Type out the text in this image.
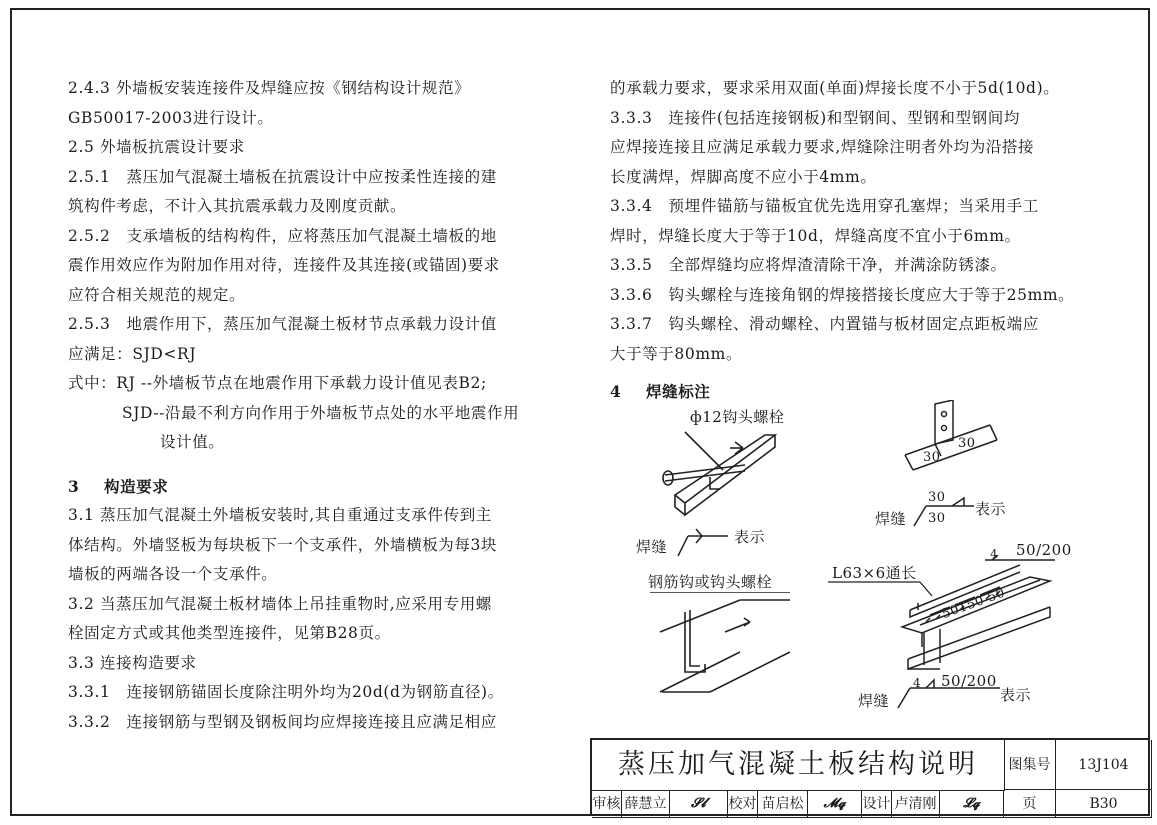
2.4.3 外墙板安装连接件及焊缝应按《钢结构设计规范》
GB50017-2003进行设计。
2.5 外墙板抗震设计要求
2.5.1　蒸压加气混凝土墙板在抗震设计中应按柔性连接的建
筑构件考虑，不计入其抗震承载力及刚度贡献。
2.5.2　支承墙板的结构构件，应将蒸压加气混凝土墙板的地
震作用效应作为附加作用对待，连接件及其连接(或锚固)要求
应符合相关规范的规定。
2.5.3　地震作用下，蒸压加气混凝土板材节点承载力设计值
应满足：SJD<RJ
式中：RJ --外墙板节点在地震作用下承载力设计值见表B2;
SJD--沿最不利方向作用于外墙板节点处的水平地震作用
设计值。
3 构造要求
3.1 蒸压加气混凝土外墙板安装时,其自重通过支承件传到主
体结构。外墙竖板为每块板下一个支承件，外墙横板为每3块
墙板的两端各设一个支承件。
3.2 当蒸压加气混凝土板材墙体上吊挂重物时,应采用专用螺
栓固定方式或其他类型连接件，见第B28页。
3.3 连接构造要求
3.3.1　连接钢筋锚固长度除注明外均为20d(d为钢筋直径)。
3.3.2　连接钢筋与型钢及钢板间均应焊接连接且应满足相应
的承载力要求，要求采用双面(单面)焊接长度不小于5d(10d)。
3.3.3　连接件(包括连接钢板)和型钢间、型钢和型钢间均
应焊接连接且应满足承载力要求,焊缝除注明者外均为沿搭接
长度满焊，焊脚高度不应小于4mm。
3.3.4　预埋件锚筋与锚板宜优先选用穿孔塞焊；当采用手工
焊时，焊缝长度大于等于10d，焊缝高度不宜小于6mm。
3.3.5　全部焊缝均应将焊渣清除干净，并满涂防锈漆。
3.3.6　钩头螺栓与连接角钢的焊接搭接长度应大于等于25mm。
3.3.7　钩头螺栓、滑动螺栓、内置锚与板材固定点距板端应
大于等于80mm。
4 焊缝标注
ф12钩头螺栓
焊缝
表示
钢筋钩或钩头螺栓
30
30
焊缝
30
30
表示
L63×6通长
4 50/200
50150 50
焊缝
4 50/200
表示
蒸压加气混凝土板结构说明	图集号	13J104
审核 薛慧立	𝓢𝓵	校对 苗启松	𝓜𝓺	设计 卢清刚	𝓛𝓺	页	B30
